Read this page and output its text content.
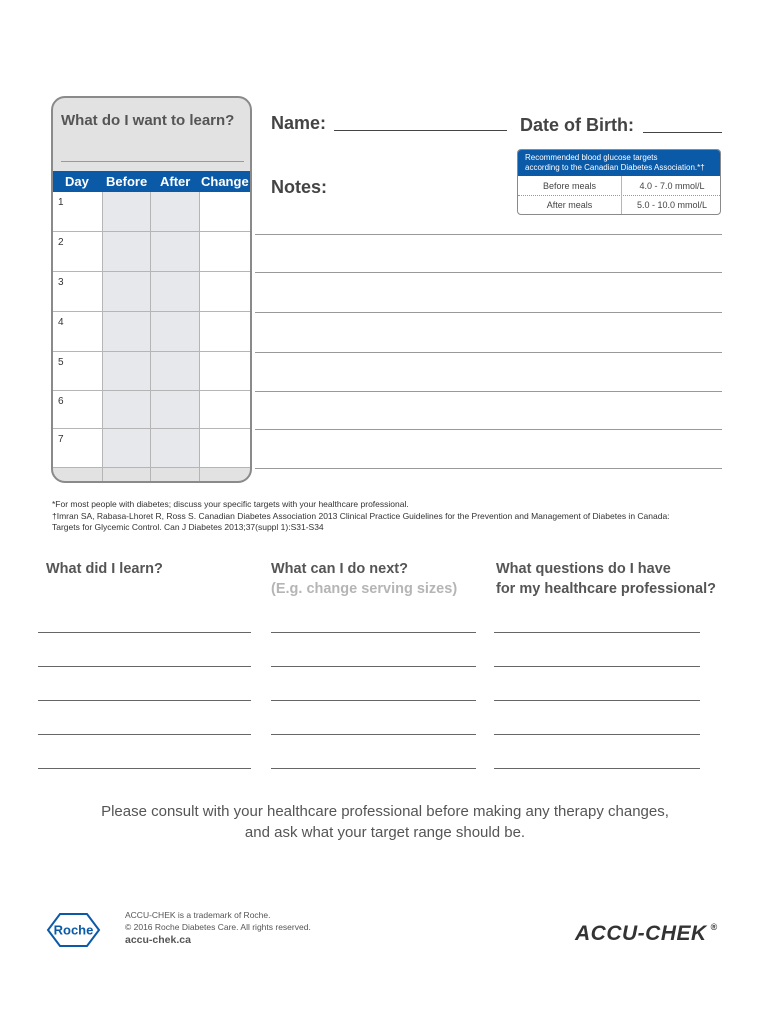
What do I want to learn?
Day Before After Change
1
2
3
4
5
6
7
Name:	Date of Birth:
Notes:
Recommended blood glucose targets
according to the Canadian Diabetes Association.*†
Before meals	4.0 - 7.0 mmol/L
After meals	5.0 - 10.0 mmol/L
*For most people with diabetes; discuss your specific targets with your healthcare professional.
†Imran SA, Rabasa-Lhoret R, Ross S. Canadian Diabetes Association 2013 Clinical Practice Guidelines for the Prevention and Management of Diabetes in Canada:
Targets for Glycemic Control. Can J Diabetes 2013;37(suppl 1):S31-S34
What did I learn?	What can I do next?
(E.g. change serving sizes)
What questions do I have
for my healthcare professional?
Please consult with your healthcare professional before making any therapy changes,
and ask what your target range should be.
Roche
ACCU-CHEK is a trademark of Roche.
© 2016 Roche Diabetes Care. All rights reserved.
accu-chek.ca	ACCU-CHEK ®
